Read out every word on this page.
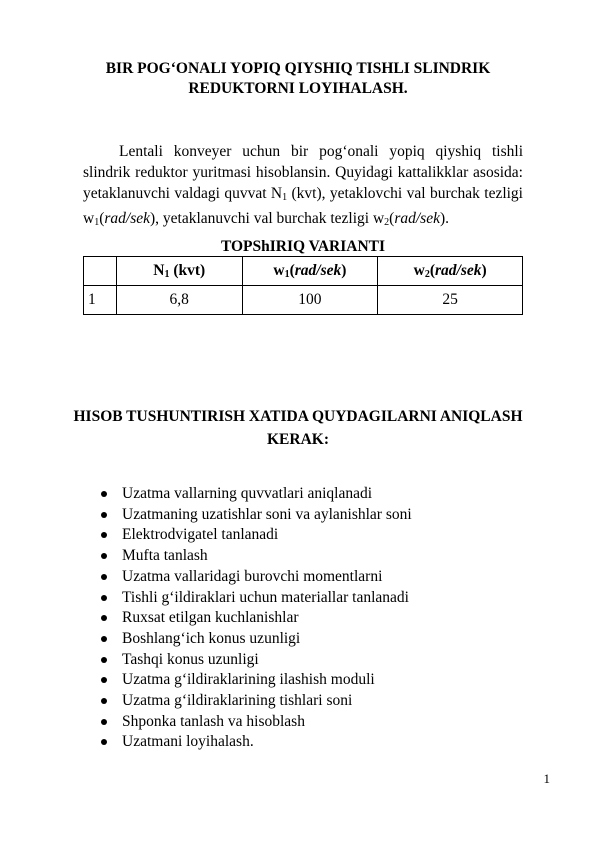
BIR POG‘ONALI YOPIQ QIYSHIQ TISHLI SLINDRIK REDUKTORNI LOYIHALASH.

Lentali konveyer uchun bir pog‘onali yopiq qiyshiq tishli slindrik reduktor yuritmasi hisoblansin. Quyidagi kattalikklar asosida: yetaklanuvchi valdagi quvvat $N_1$ (kvt), yetaklovchi val burchak tezligi $w_1(rad/sek)$, yetaklanuvchi val burchak tezligi $w_2(rad/sek)$.

TOPShIRIQ VARIANTI
	$N_1$ (kvt)	$w_1(rad/sek)$	$w_2(rad/sek)$
1	6,8	100	25
HISOB TUSHUNTIRISH XATIDA QUYDAGILARNI ANIQLASH KERAK:
Uzatma vallarning quvvatlari aniqlanadi
Uzatmaning uzatishlar soni va aylanishlar soni
Elektrodvigatel tanlanadi
Mufta tanlash
Uzatma vallaridagi burovchi momentlarni
Tishli g‘ildiraklari uchun materiallar tanlanadi
Ruxsat etilgan kuchlanishlar
Boshlang‘ich konus uzunligi
Tashqi konus uzunligi
Uzatma g‘ildiraklarining ilashish moduli
Uzatma g‘ildiraklarining tishlari soni
Shponka tanlash va hisoblash
Uzatmani loyihalash.
1
